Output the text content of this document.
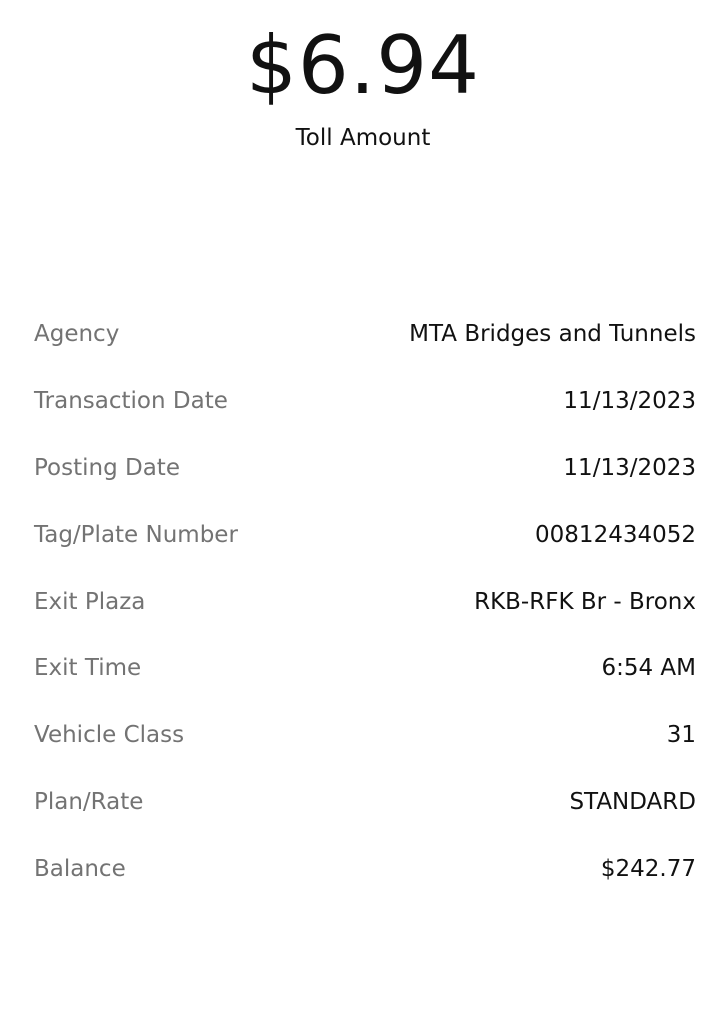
$6.94
Toll Amount
Agency	MTA Bridges and Tunnels
Transaction Date	11/13/2023
Posting Date	11/13/2023
Tag/Plate Number	00812434052
Exit Plaza	RKB-RFK Br - Bronx
Exit Time	6:54 AM
Vehicle Class	31
Plan/Rate	STANDARD
Balance	$242.77
